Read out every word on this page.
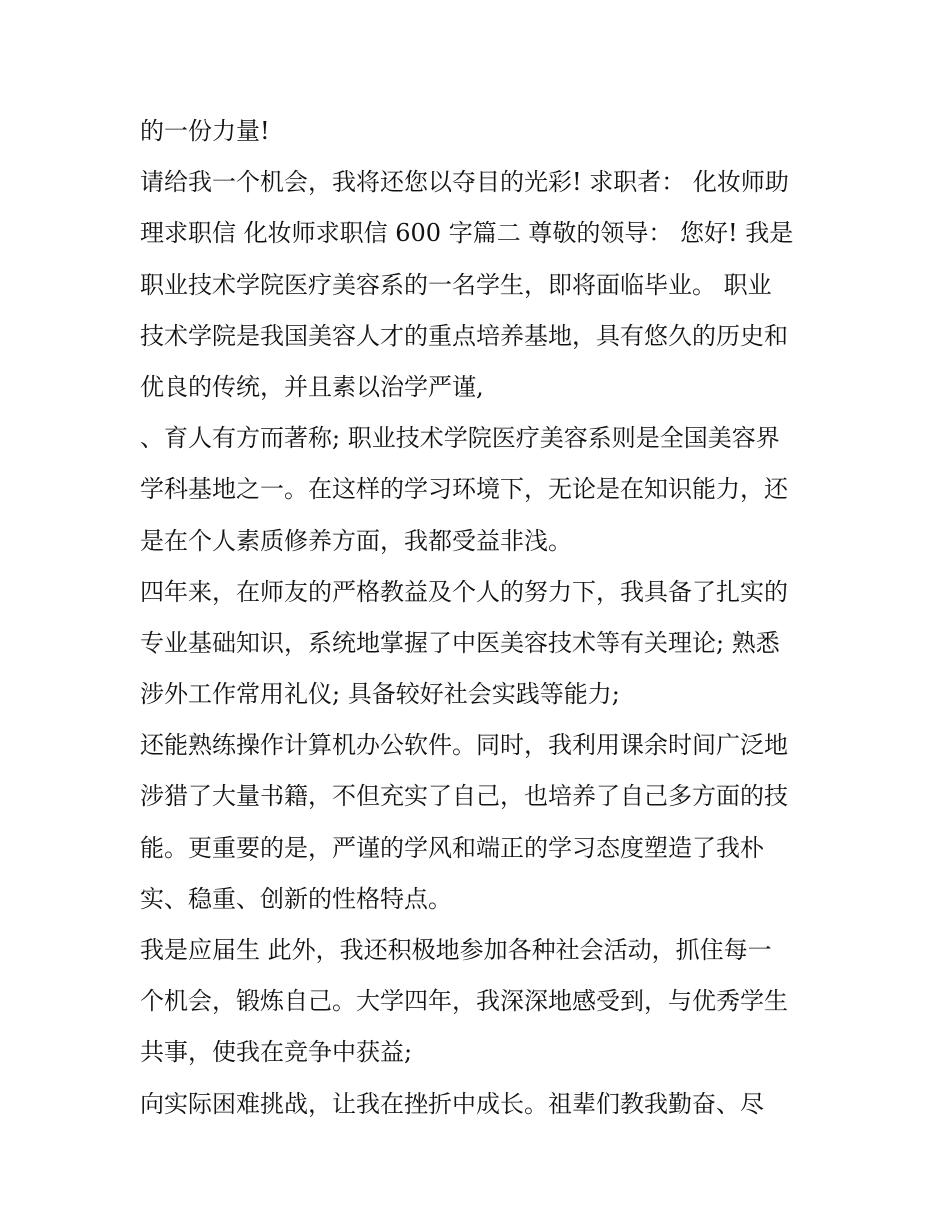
的一份力量!
请给我一个机会，我将还您以夺目的光彩! 求职者： 化妆师助
理求职信 化妆师求职信 600 字篇二 尊敬的领导： 您好! 我是
职业技术学院医疗美容系的一名学生，即将面临毕业。 职业
技术学院是我国美容人才的重点培养基地，具有悠久的历史和
优良的传统，并且素以治学严谨,
、育人有方而著称; 职业技术学院医疗美容系则是全国美容界
学科基地之一。在这样的学习环境下，无论是在知识能力，还
是在个人素质修养方面，我都受益非浅。
四年来，在师友的严格教益及个人的努力下，我具备了扎实的
专业基础知识，系统地掌握了中医美容技术等有关理论; 熟悉
涉外工作常用礼仪; 具备较好社会实践等能力;
还能熟练操作计算机办公软件。同时，我利用课余时间广泛地
涉猎了大量书籍，不但充实了自己，也培养了自己多方面的技
能。更重要的是，严谨的学风和端正的学习态度塑造了我朴
实、稳重、创新的性格特点。
我是应届生 此外，我还积极地参加各种社会活动，抓住每一
个机会，锻炼自己。大学四年，我深深地感受到，与优秀学生
共事，使我在竞争中获益;
向实际困难挑战，让我在挫折中成长。祖辈们教我勤奋、尽
